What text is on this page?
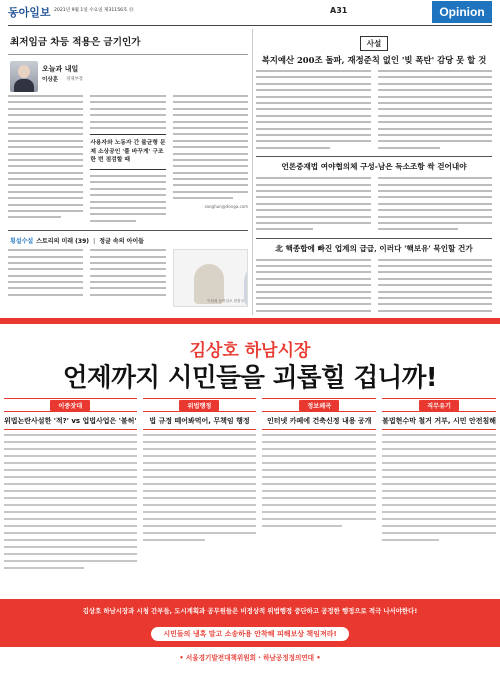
동아일보 2021년 9월 1일 수요일 제31156호 ⑬	A31	Opinion
최저임금 차등 적용은 금기인가
오늘과 내일
이상훈 경제부장
사용자와 노동자 간 불균형 문제 소상공인 '풀 바꾸게' 구조 한 번 점검할 때
sanghun@donga.com
횡설수설 스토리의 미래 (39) | 정글 속의 아이들
이원희 동아일보 편집국
사설
복지예산 200조 돌파, 재정준칙 없인 '빚 폭탄' 감당 못 할 것
언론중재법 여야협의체 구성-남은 독소조항 싹 걷어내야
北 핵종합에 빠진 업계의 급급, 이러다 '핵보유' 묵인할 건가
김상호 하남시장
언제까지 시민들을 괴롭힐 겁니까!
이중잣대
위법논란사설한 '적?' vs 업법사업은 '불허'
위법행정
법 규정 떼어봐먹어, 무책임 행정
정보왜곡
인터넷 카페에 건축신정 내용 공개
직무유기
불법현수막 철거 거부, 시민 안전침해
김상호 하남시장과 시청 간부들, 도시계획과 공무원들은 비정상적 위법행정 중단하고 공정한 행정으로 적극 나서야한다!
시민들의 냉혹 말고 소송하용 안착해 피해보상 책임져라!
• 서울경기발전대책위원회 · 하남공정정의연대 •
